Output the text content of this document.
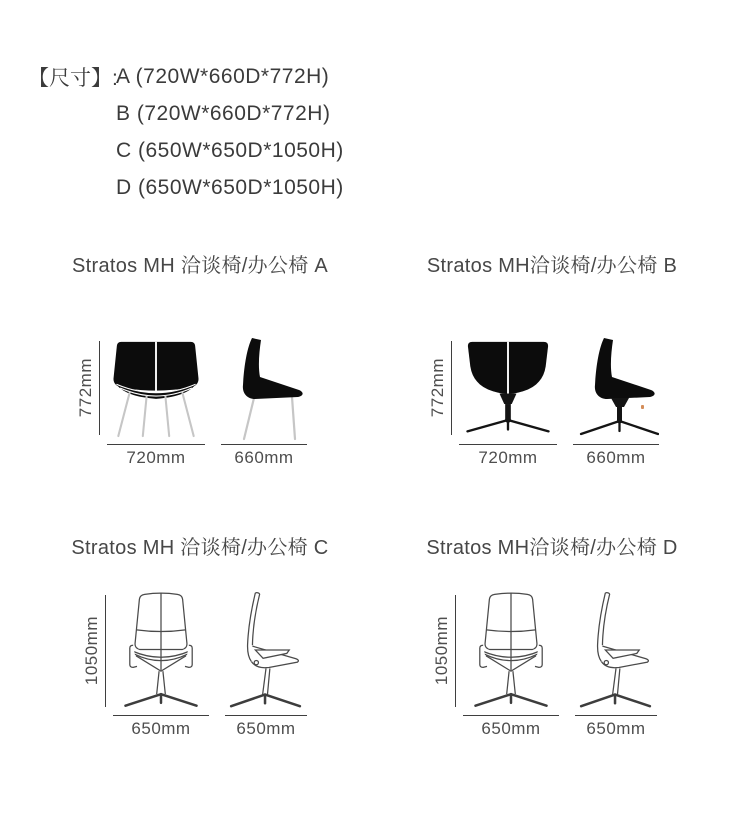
【尺寸】:
A (720W*660D*772H)
B (720W*660D*772H)
C (650W*650D*1050H)
D (650W*650D*1050H)
Stratos MH 洽谈椅/办公椅 A	Stratos MH洽谈椅/办公椅 B
Stratos MH 洽谈椅/办公椅 C	Stratos MH洽谈椅/办公椅 D
772mm
720mm	660mm
772mm
720mm	660mm
1050mm
650mm	650mm
1050mm
650mm	650mm
